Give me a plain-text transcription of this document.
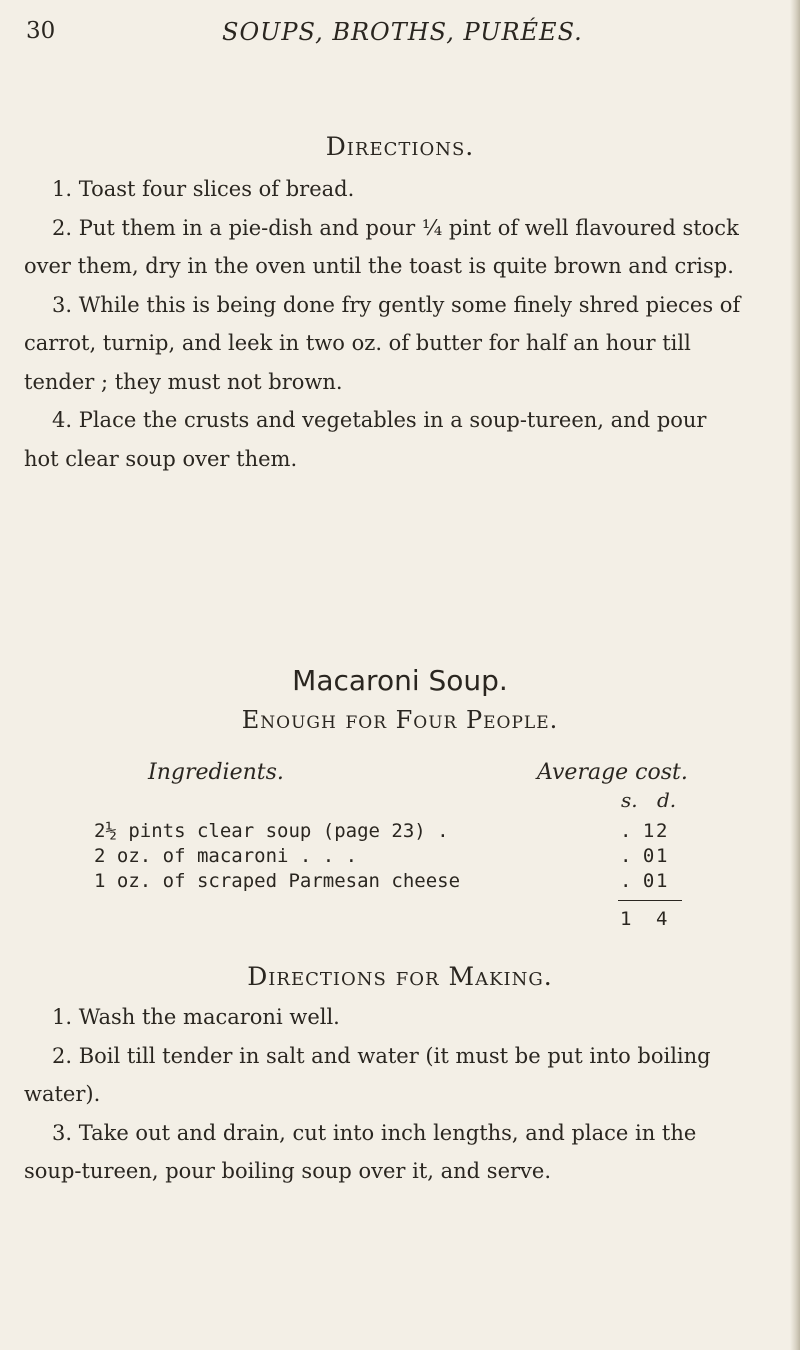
30	SOUPS, BROTHS, PURÉES.
Directions.

1. Toast four slices of bread.

2. Put them in a pie-dish and pour ¼ pint of well flavoured stock over them, dry in the oven until the toast is quite brown and crisp.

3. While this is being done fry gently some finely shred pieces of carrot, turnip, and leek in two oz. of butter for half an hour till tender ; they must not brown.

4. Place the crusts and vegetables in a soup-tureen, and pour hot clear soup over them.

Macaroni Soup.
Enough for Four People.
Ingredients.	Average cost.
s. d.
2½ pints clear soup (page 23) .	. 1 2
2 oz. of macaroni . . .	. 0 1
1 oz. of scraped Parmesan cheese	. 0 1
1 4
Directions for Making.

1. Wash the macaroni well.

2. Boil till tender in salt and water (it must be put into boiling water).

3. Take out and drain, cut into inch lengths, and place in the soup-tureen, pour boiling soup over it, and serve.
